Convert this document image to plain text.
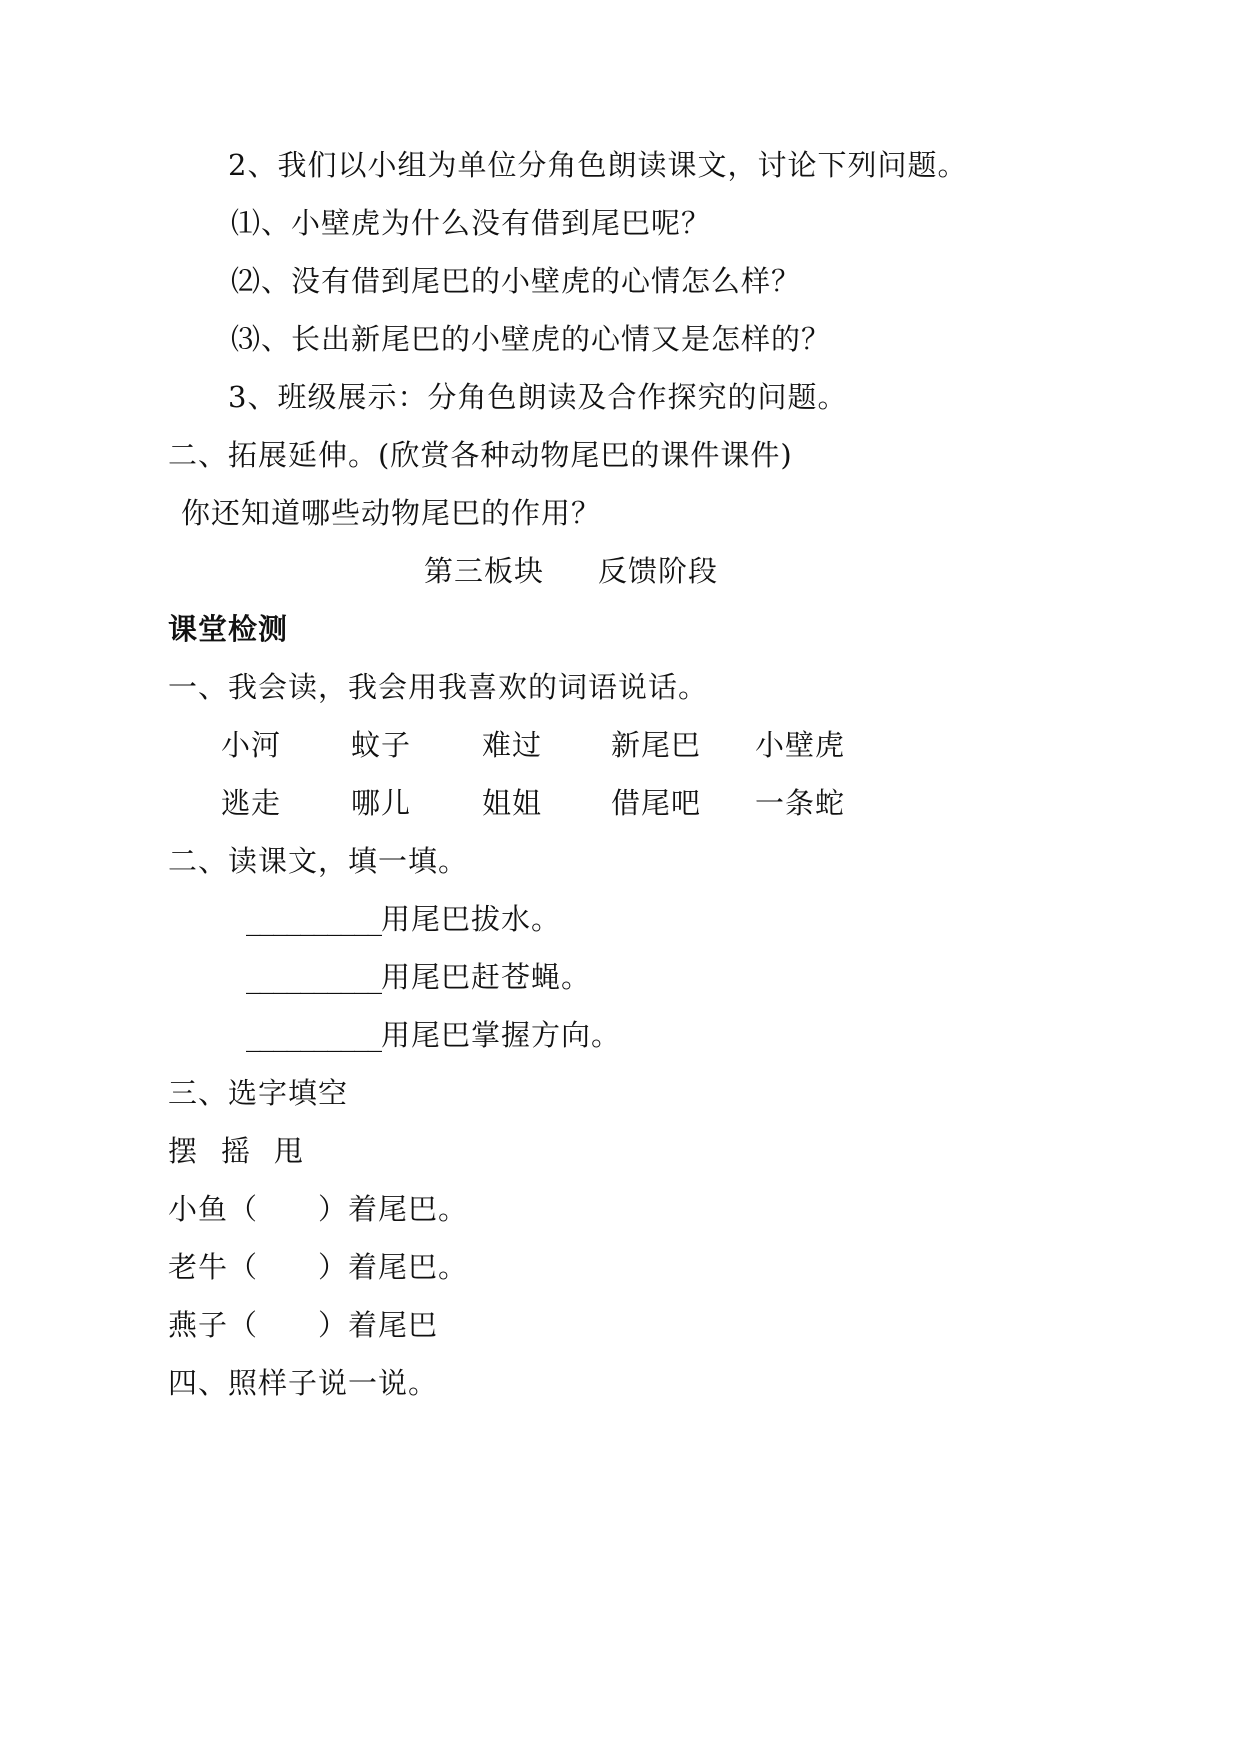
2、我们以小组为单位分角色朗读课文，讨论下列问题。
⑴、小壁虎为什么没有借到尾巴呢？
⑵、没有借到尾巴的小壁虎的心情怎么样？
⑶、长出新尾巴的小壁虎的心情又是怎样的？
3、班级展示：分角色朗读及合作探究的问题。
二、拓展延伸。(欣赏各种动物尾巴的课件课件)
你还知道哪些动物尾巴的作用？
第三板块 反馈阶段
课堂检测
一、我会读，我会用我喜欢的词语说话。
小河 蚊子 难过 新尾巴 小壁虎
逃走 哪儿 姐姐 借尾吧 一条蛇
二、读课文，填一填。
__________用尾巴拔水。
__________用尾巴赶苍蝇。
__________用尾巴掌握方向。
三、选字填空
摆 摇 甩
小鱼（　　）着尾巴。
老牛（　　）着尾巴。
燕子（　　）着尾巴
四、照样子说一说。
